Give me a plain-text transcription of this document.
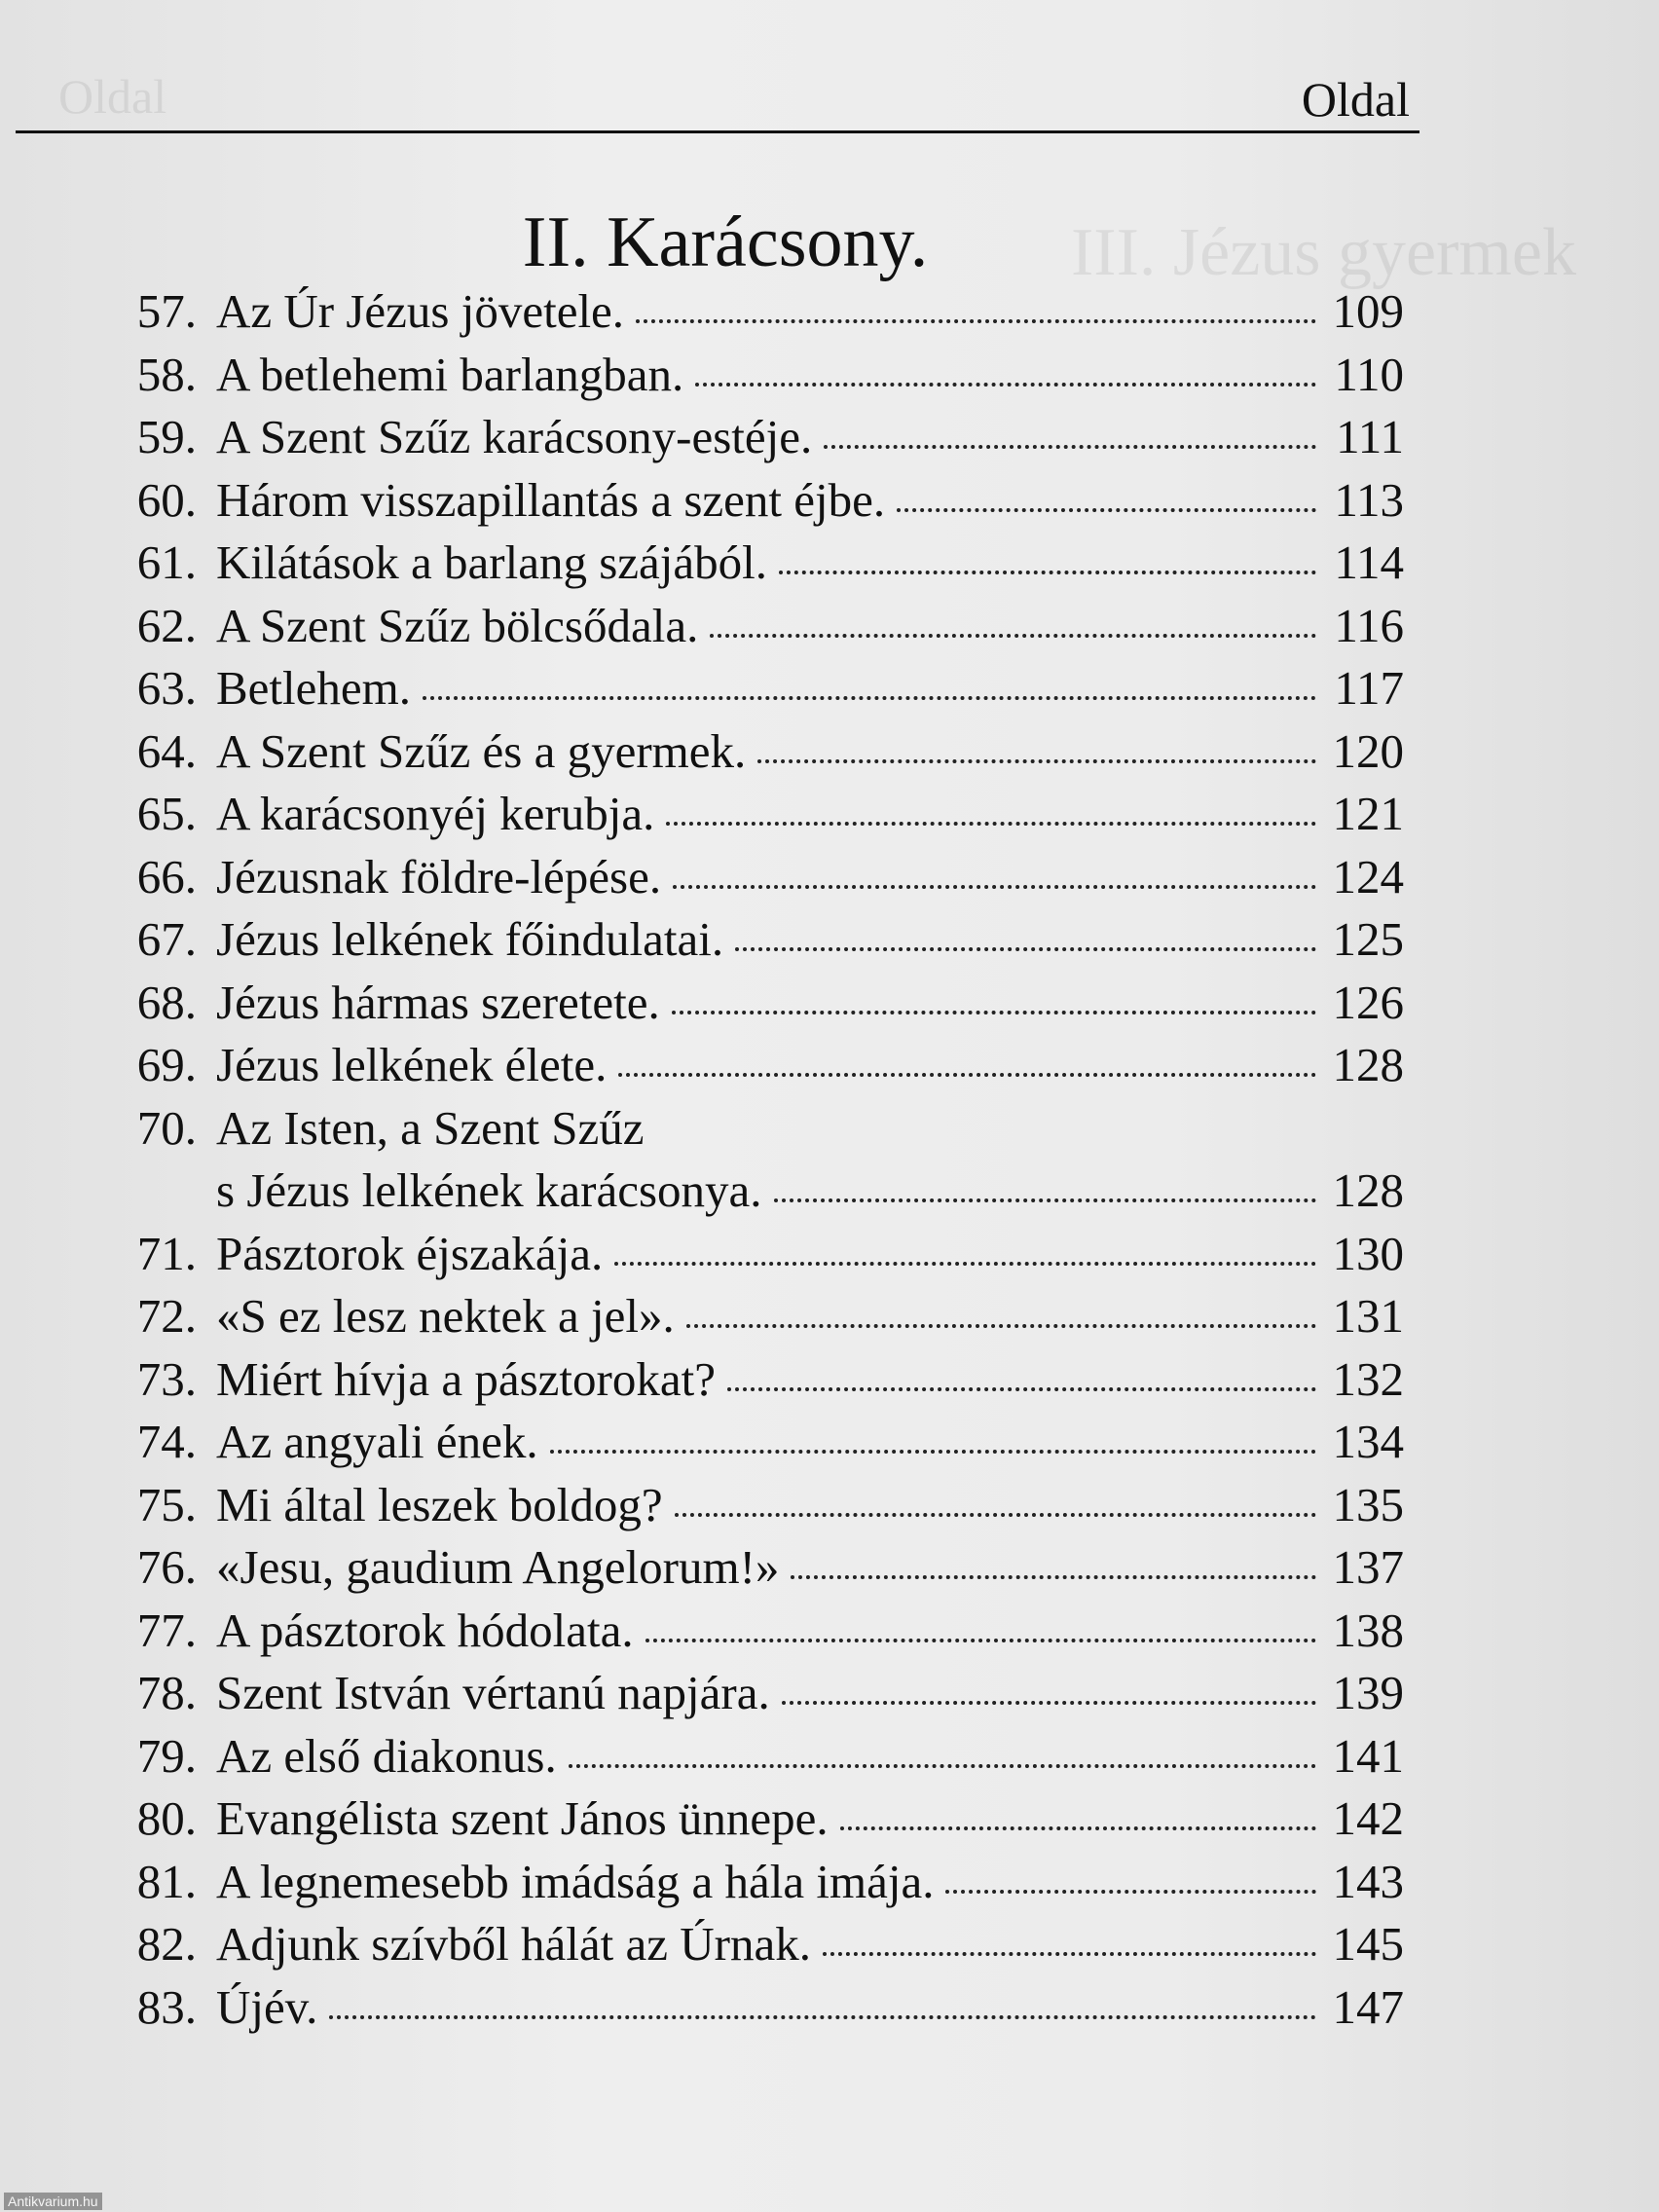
Oldal
III. Jézus gyermek
Oldal
II. Karácsony.
57. Az Úr Jézus jövetele.	109
58. A betlehemi barlangban.	110
59. A Szent Szűz karácsony-estéje.	111
60. Három visszapillantás a szent éjbe.	113
61. Kilátások a barlang szájából.	114
62. A Szent Szűz bölcsődala.	116
63. Betlehem.	117
64. A Szent Szűz és a gyermek.	120
65. A karácsonyéj kerubja.	121
66. Jézusnak földre-lépése.	124
67. Jézus lelkének főindulatai.	125
68. Jézus hármas szeretete.	126
69. Jézus lelkének élete.	128
70. Az Isten, a Szent Szűz
s Jézus lelkének karácsonya.	128
71. Pásztorok éjszakája.	130
72. «S ez lesz nektek a jel».	131
73. Miért hívja a pásztorokat?	132
74. Az angyali ének.	134
75. Mi által leszek boldog?	135
76. «Jesu, gaudium Angelorum!»	137
77. A pásztorok hódolata.	138
78. Szent István vértanú napjára.	139
79. Az első diakonus.	141
80. Evangélista szent János ünnepe.	142
81. A legnemesebb imádság a hála imája.	143
82. Adjunk szívből hálát az Úrnak.	145
83. Újév.	147
Antikvarium.hu
